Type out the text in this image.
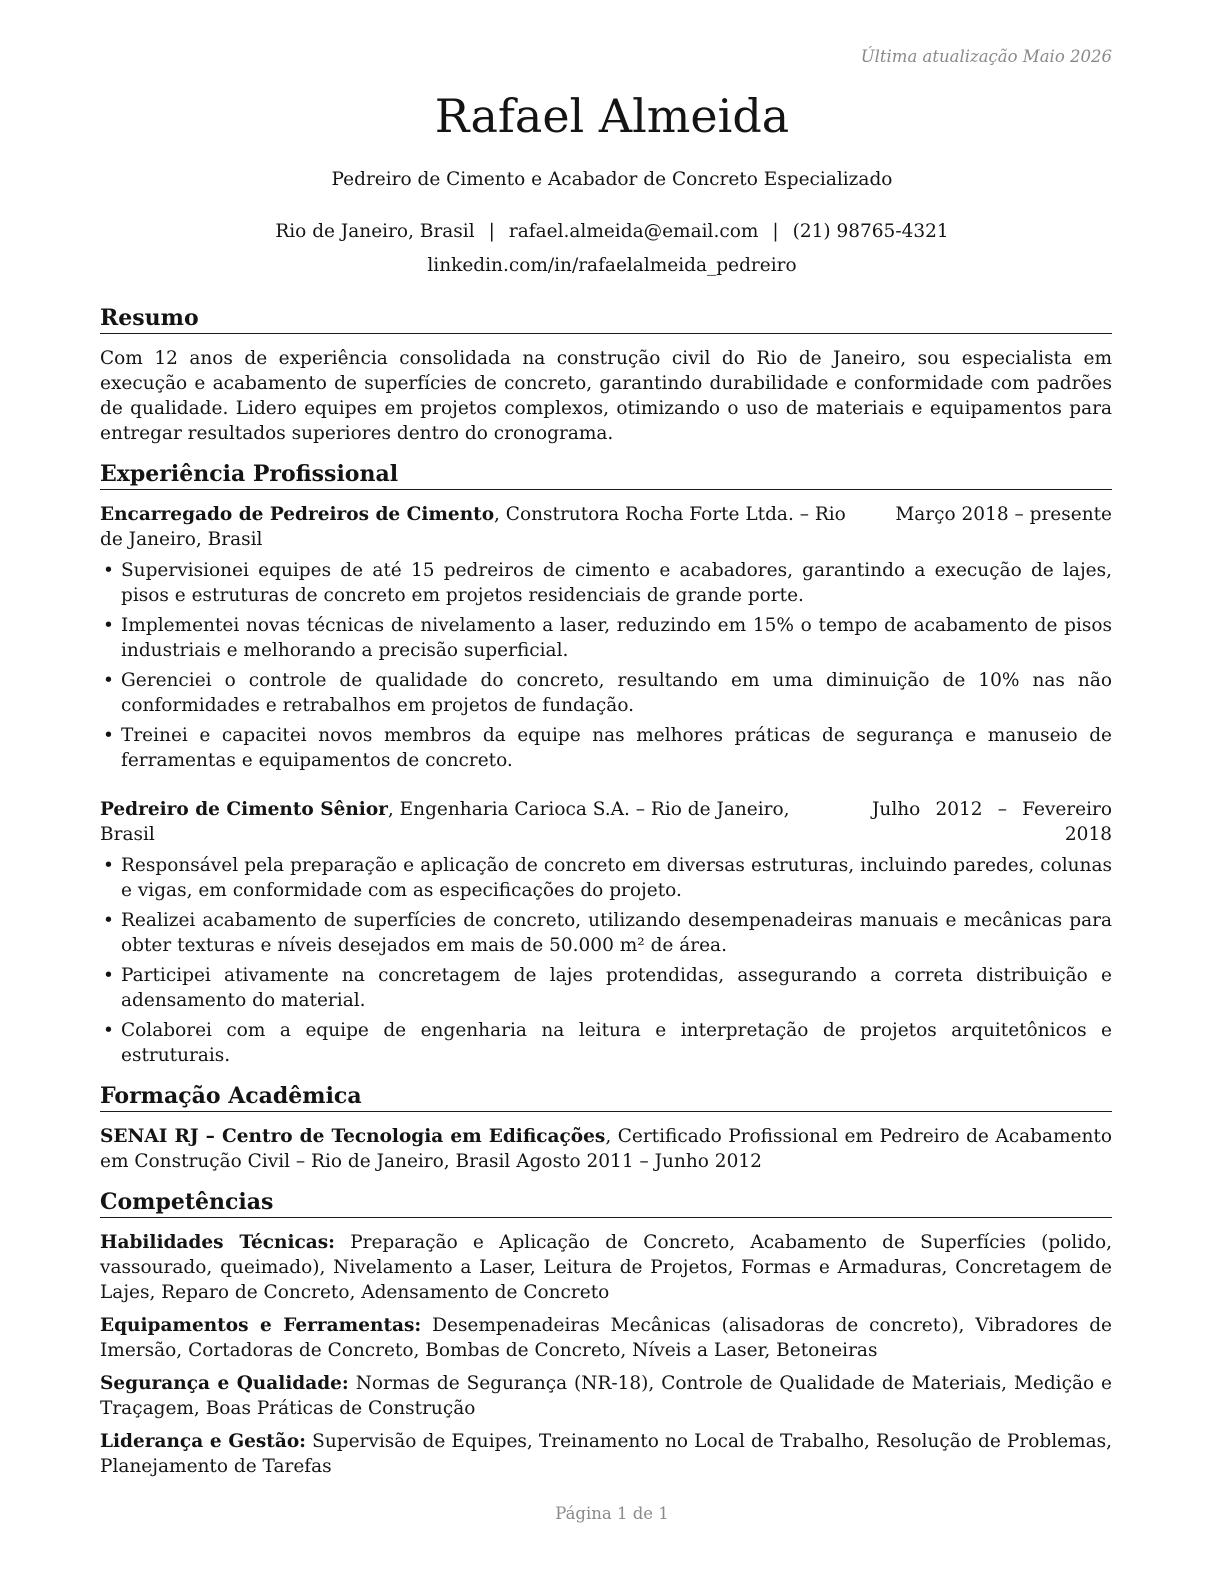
Última atualização Maio 2026
Rafael Almeida
Pedreiro de Cimento e Acabador de Concreto Especializado
Rio de Janeiro, Brasil | rafael.almeida@email.com | (21) 98765-4321
linkedin.com/in/rafaelalmeida_pedreiro
Resumo

Com 12 anos de experiência consolidada na construção civil do Rio de Janeiro, sou especialista em execução e acabamento de superfícies de concreto, garantindo durabilidade e conformidade com padrões de qualidade. Lidero equipes em projetos complexos, otimizando o uso de materiais e equipamentos para entregar resultados superiores dentro do cronograma.

Experiência Profissional
Encarregado de Pedreiros de Cimento, Construtora Rocha Forte Ltda. – Rio de Janeiro, Brasil
Março 2018 – presente
• Supervisionei equipes de até 15 pedreiros de cimento e acabadores, garantindo a execução de lajes, pisos e estruturas de concreto em projetos residenciais de grande porte.
• Implementei novas técnicas de nivelamento a laser, reduzindo em 15% o tempo de acabamento de pisos industriais e melhorando a precisão superficial.
• Gerenciei o controle de qualidade do concreto, resultando em uma diminuição de 10% nas não conformidades e retrabalhos em projetos de fundação.
• Treinei e capacitei novos membros da equipe nas melhores práticas de segurança e manuseio de ferramentas e equipamentos de concreto.
Pedreiro de Cimento Sênior, Engenharia Carioca S.A. – Rio de Janeiro, Brasil
Julho 2012 – Fevereiro 2018
• Responsável pela preparação e aplicação de concreto em diversas estruturas, incluindo paredes, colunas e vigas, em conformidade com as especificações do projeto.
• Realizei acabamento de superfícies de concreto, utilizando desempenadeiras manuais e mecânicas para obter texturas e níveis desejados em mais de 50.000 m² de área.
• Participei ativamente na concretagem de lajes protendidas, assegurando a correta distribuição e adensamento do material.
• Colaborei com a equipe de engenharia na leitura e interpretação de projetos arquitetônicos e estruturais.
Formação Acadêmica

SENAI RJ – Centro de Tecnologia em Edificações, Certificado Profissional em Pedreiro de Acabamento em Construção Civil – Rio de Janeiro, Brasil Agosto 2011 – Junho 2012

Competências

Habilidades Técnicas: Preparação e Aplicação de Concreto, Acabamento de Superfícies (polido, vassourado, queimado), Nivelamento a Laser, Leitura de Projetos, Formas e Armaduras, Concretagem de Lajes, Reparo de Concreto, Adensamento de Concreto

Equipamentos e Ferramentas: Desempenadeiras Mecânicas (alisadoras de concreto), Vibradores de Imersão, Cortadoras de Concreto, Bombas de Concreto, Níveis a Laser, Betoneiras

Segurança e Qualidade: Normas de Segurança (NR-18), Controle de Qualidade de Materiais, Medição e Traçagem, Boas Práticas de Construção

Liderança e Gestão: Supervisão de Equipes, Treinamento no Local de Trabalho, Resolução de Problemas, Planejamento de Tarefas

Página 1 de 1
